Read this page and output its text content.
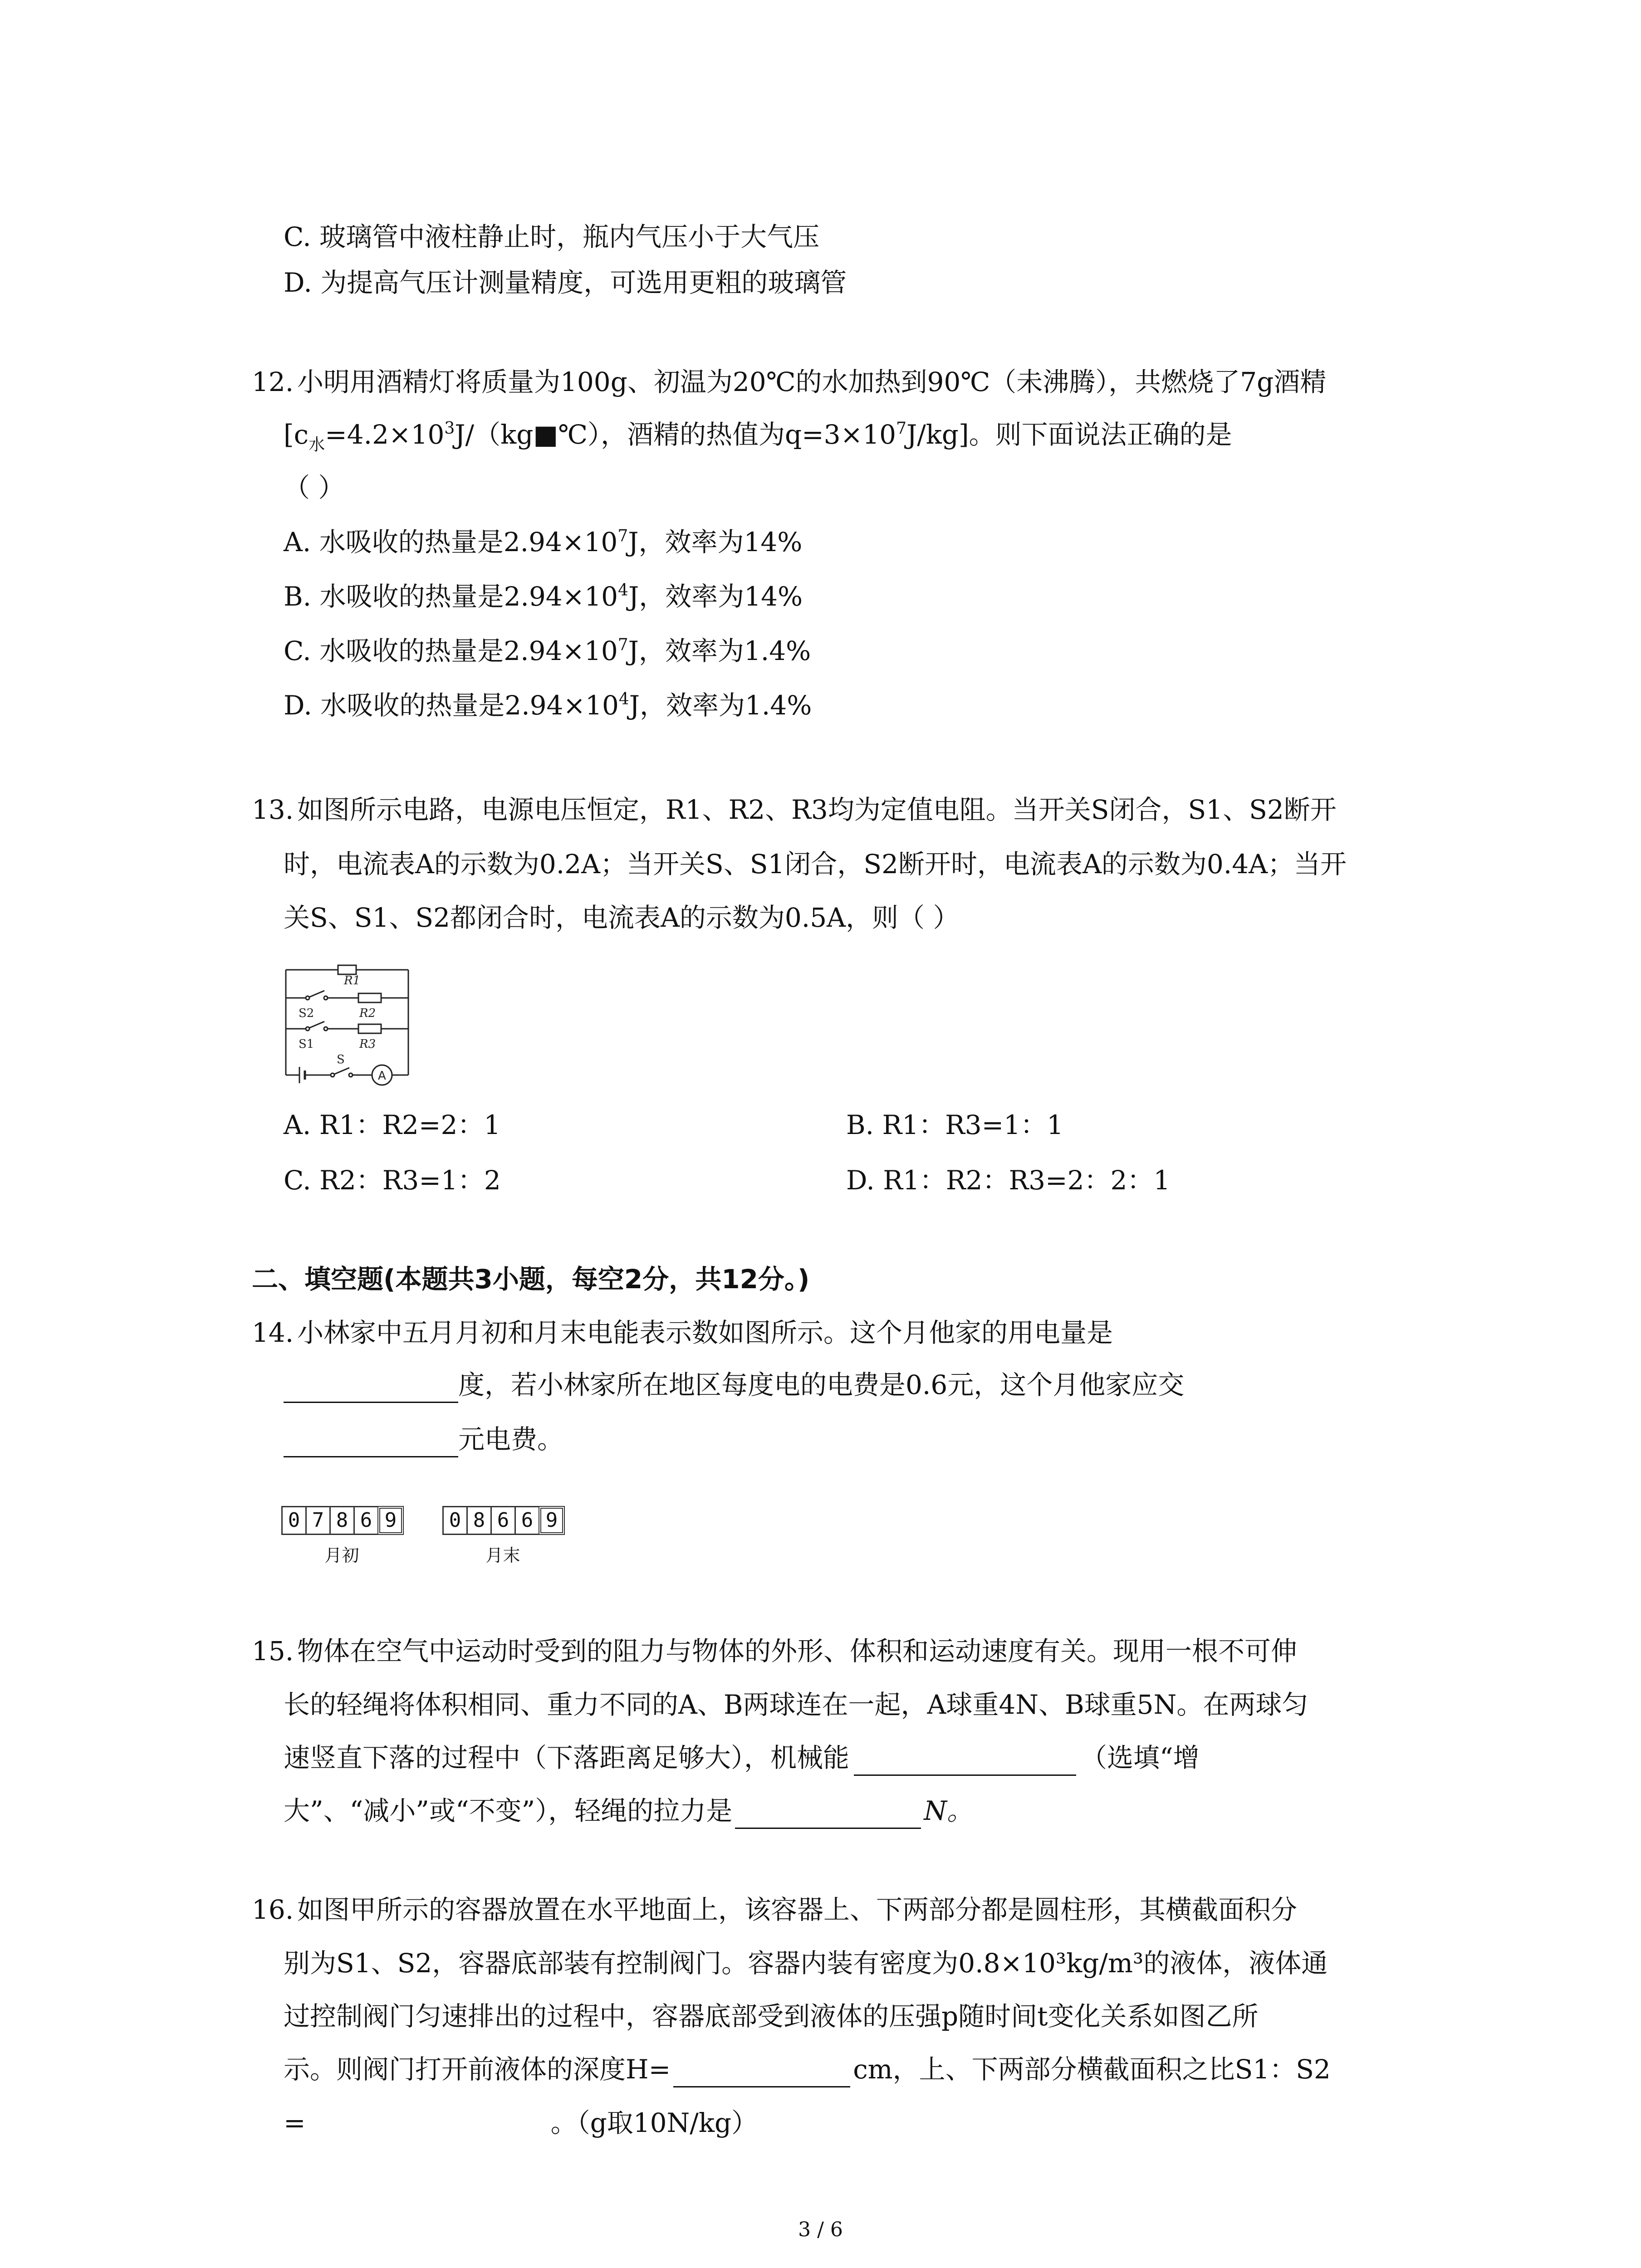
C. 玻璃管中液柱静止时，瓶内气压小于大气压
D. 为提高气压计测量精度，可选用更粗的玻璃管
12. 小明用酒精灯将质量为100g、初温为20℃的水加热到90℃（未沸腾），共燃烧了7g酒精
[$c_水=4.2\times 10^3J/(kg■℃)$，酒精的热值为$q=3\times 10^7J/kg$]。则下面说法正确的是
（ ）
A. 水吸收的热量是$2.94\times 10^7J$，效率为14%
B. 水吸收的热量是$2.94\times 10^4J$，效率为14%
C. 水吸收的热量是$2.94\times 10^7J$，效率为1.4%
D. 水吸收的热量是$2.94\times 10^4J$，效率为1.4%
13. 如图所示电路，电源电压恒定，R1、R2、R3均为定值电阻。当开关S闭合，S1、S2断开
时，电流表A的示数为0.2A；当开关S、S1闭合，S2断开时，电流表A的示数为0.4A；当开
关S、S1、S2都闭合时，电流表A的示数为0.5A，则（ ）
R1
S2	R2
S1	R3
A
S
A. R1：R2=2：1	B. R1：R3=1：1
C. R2：R3=1：2	D. R1：R2：R3=2：2：1
二、填空题(本题共3小题，每空2分，共12分。)
14. 小林家中五月月初和月末电能表示数如图所示。这个月他家的用电量是
度，若小林家所在地区每度电的电费是0.6元，这个月他家应交
元电费。
0 7 8 6 9
月初
0 8 6 6 9
月末
15. 物体在空气中运动时受到的阻力与物体的外形、体积和运动速度有关。现用一根不可伸
长的轻绳将体积相同、重力不同的A、B两球连在一起，A球重4N、B球重5N。在两球匀
速竖直下落的过程中（下落距离足够大），机械能	（选填“增
大”、“减小”或“不变”），轻绳的拉力是	N。
16. 如图甲所示的容器放置在水平地面上，该容器上、下两部分都是圆柱形，其横截面积分
别为S1、S2，容器底部装有控制阀门。容器内装有密度为0.8×10³kg/m³的液体，液体通
过控制阀门匀速排出的过程中，容器底部受到液体的压强p随时间t变化关系如图乙所
示。则阀门打开前液体的深度H=	cm，上、下两部分横截面积之比S1：S2
=	。（g取10N/kg）
3 / 6
